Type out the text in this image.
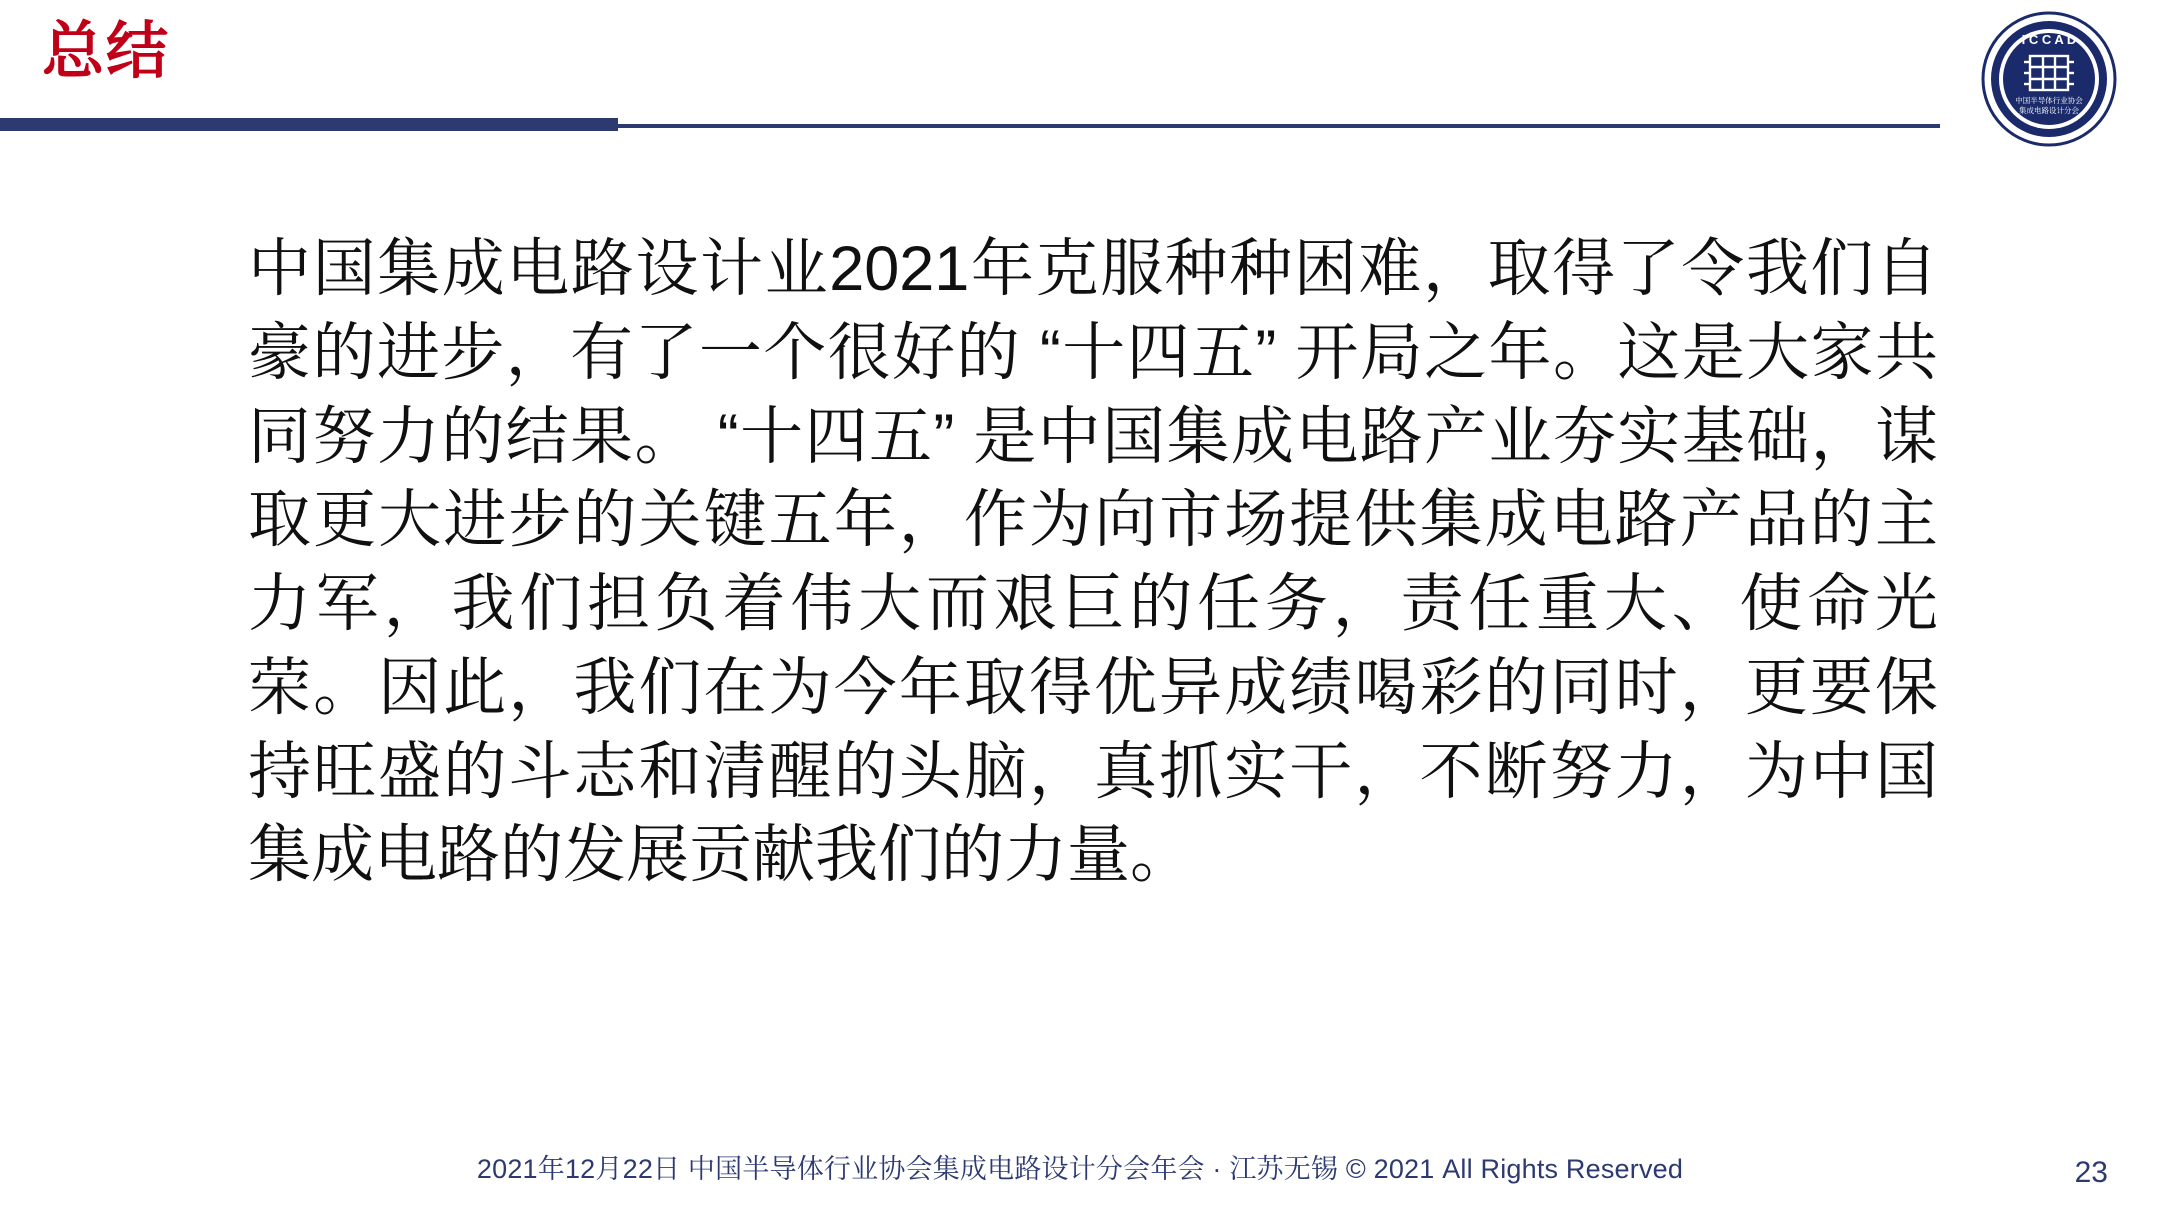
总结	I C C A D
中国半导体行业协会
集成电路设计分会
中国集成电路设计业2021年克服种种困难，取得了令我们自豪的进步，有了一个很好的 “十四五” 开局之年。这是大家共同努力的结果。 “十四五” 是中国集成电路产业夯实基础，谋取更大进步的关键五年，作为向市场提供集成电路产品的主力军，我们担负着伟大而艰巨的任务，责任重大、使命光荣。因此，我们在为今年取得优异成绩喝彩的同时，更要保持旺盛的斗志和清醒的头脑，真抓实干，不断努力，为中国集成电路的发展贡献我们的力量。
2021年12月22日 中国半导体行业协会集成电路设计分会年会 · 江苏无锡 © 2021 All Rights Reserved	23
